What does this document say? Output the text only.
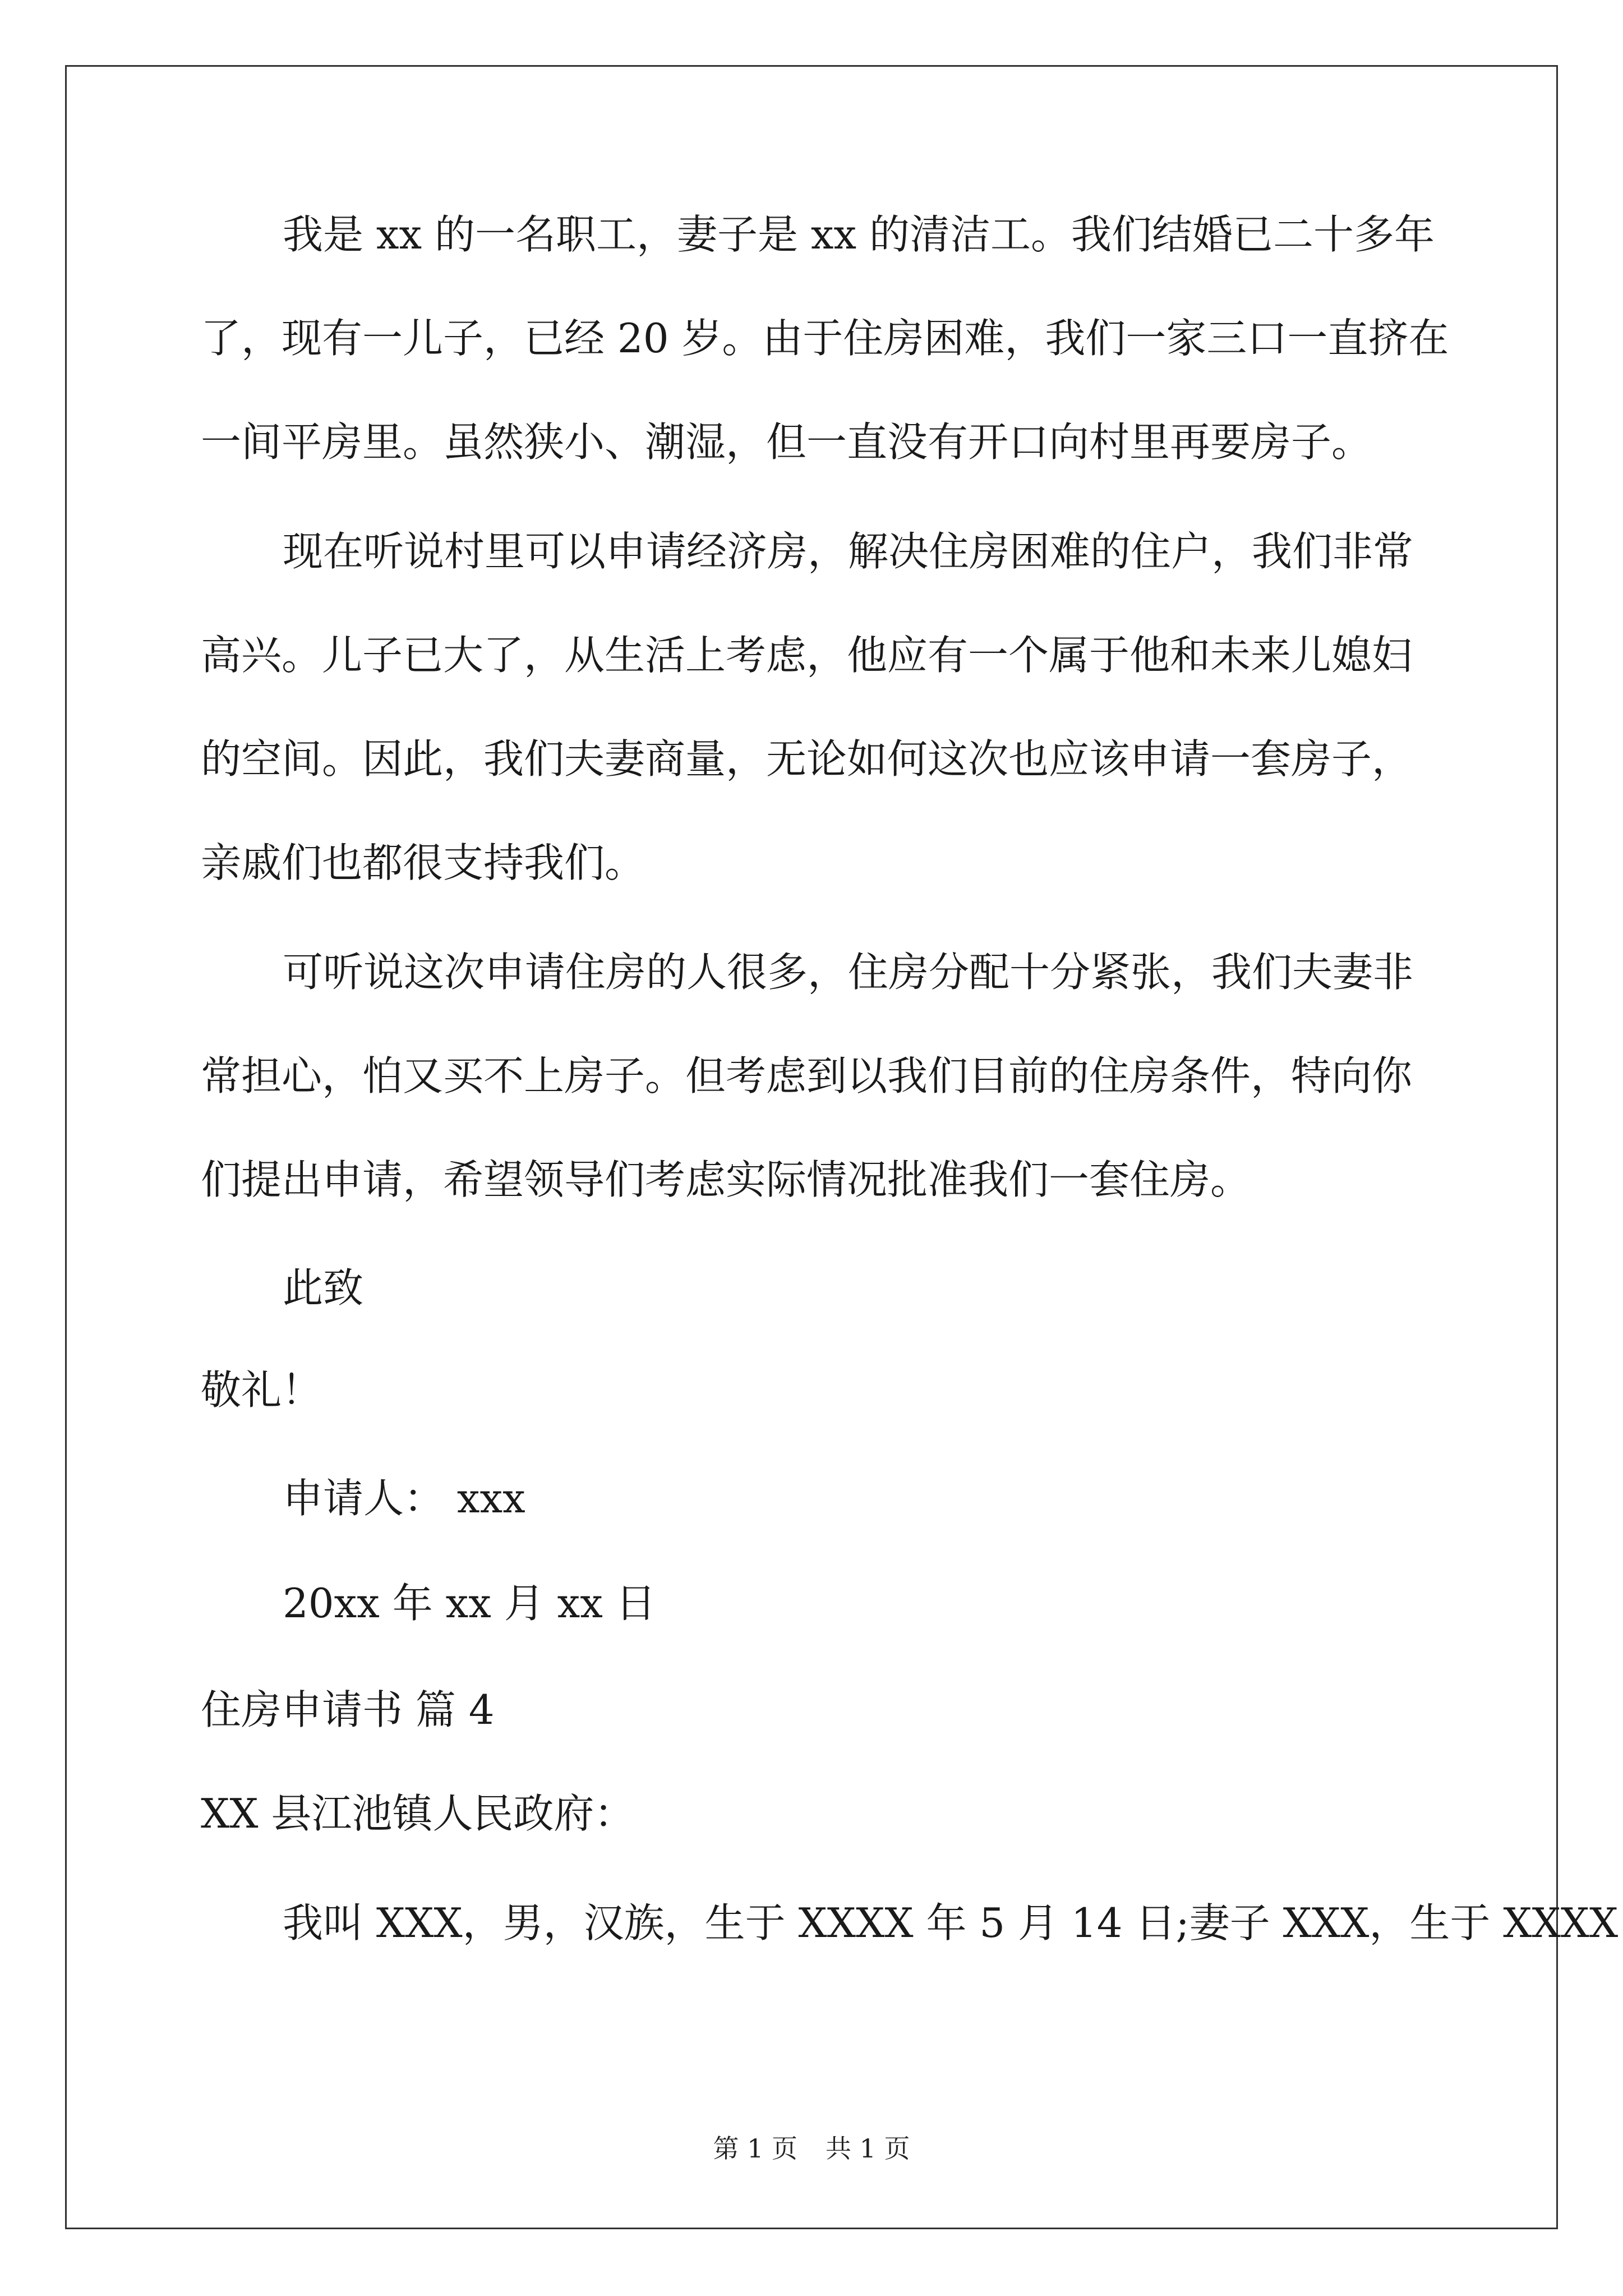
我是 xx 的一名职工，妻子是 xx 的清洁工。我们结婚已二十多年

了，现有一儿子，已经 20 岁。由于住房困难，我们一家三口一直挤在

一间平房里。虽然狭小、潮湿，但一直没有开口向村里再要房子。

现在听说村里可以申请经济房，解决住房困难的住户，我们非常

高兴。儿子已大了，从生活上考虑，他应有一个属于他和未来儿媳妇

的空间。因此，我们夫妻商量，无论如何这次也应该申请一套房子，

亲戚们也都很支持我们。

可听说这次申请住房的人很多，住房分配十分紧张，我们夫妻非

常担心，怕又买不上房子。但考虑到以我们目前的住房条件，特向你

们提出申请，希望领导们考虑实际情况批准我们一套住房。

此致

敬礼！

申请人： xxx

20xx 年 xx 月 xx 日

住房申请书 篇 4

XX 县江池镇人民政府：

我叫 XXX，男，汉族，生于 XXXX 年 5 月 14 日;妻子 XXX，生于 XXXX

第 1 页 共 1 页
